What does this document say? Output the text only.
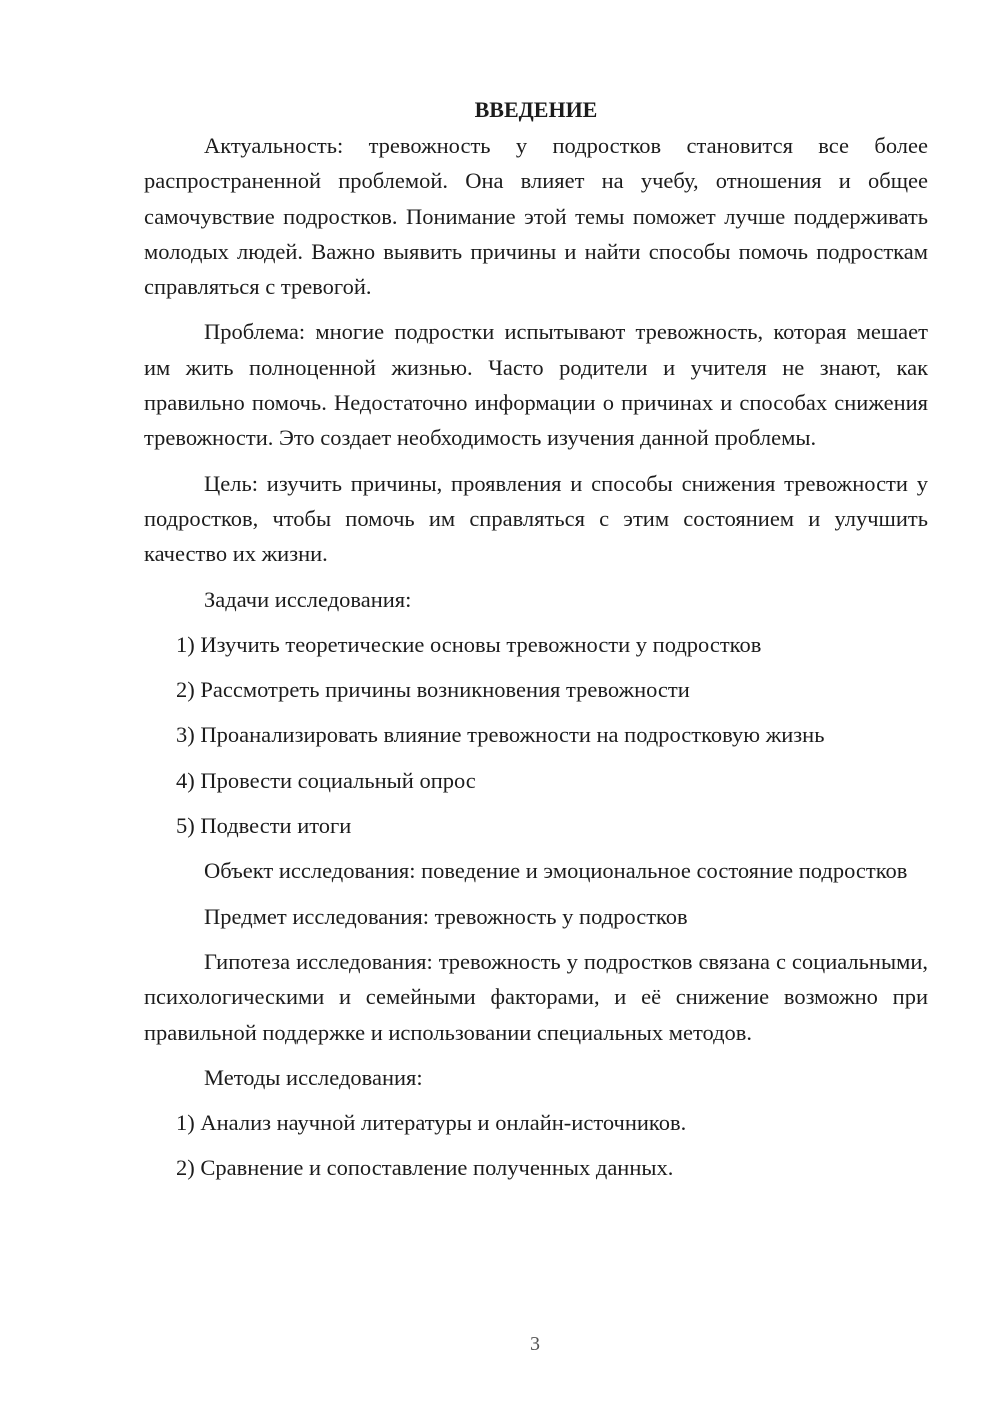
ВВЕДЕНИЕ
Актуальность: тревожность у подростков становится все более распространенной проблемой. Она влияет на учебу, отношения и общее самочувствие подростков. Понимание этой темы поможет лучше поддерживать молодых людей. Важно выявить причины и найти способы помочь подросткам справляться с тревогой.
Проблема: многие подростки испытывают тревожность, которая мешает им жить полноценной жизнью. Часто родители и учителя не знают, как правильно помочь. Недостаточно информации о причинах и способах снижения тревожности. Это создает необходимость изучения данной проблемы.
Цель: изучить причины, проявления и способы снижения тревожности у подростков, чтобы помочь им справляться с этим состоянием и улучшить качество их жизни.
Задачи исследования:
1) Изучить теоретические основы тревожности у подростков
2) Рассмотреть причины возникновения тревожности
3) Проанализировать влияние тревожности на подростковую жизнь
4) Провести социальный опрос
5) Подвести итоги
Объект исследования: поведение и эмоциональное состояние подростков
Предмет исследования: тревожность у подростков
Гипотеза исследования: тревожность у подростков связана с социальными, психологическими и семейными факторами, и её снижение возможно при правильной поддержке и использовании специальных методов.
Методы исследования:
1) Анализ научной литературы и онлайн-источников.
2) Сравнение и сопоставление полученных данных.
3
